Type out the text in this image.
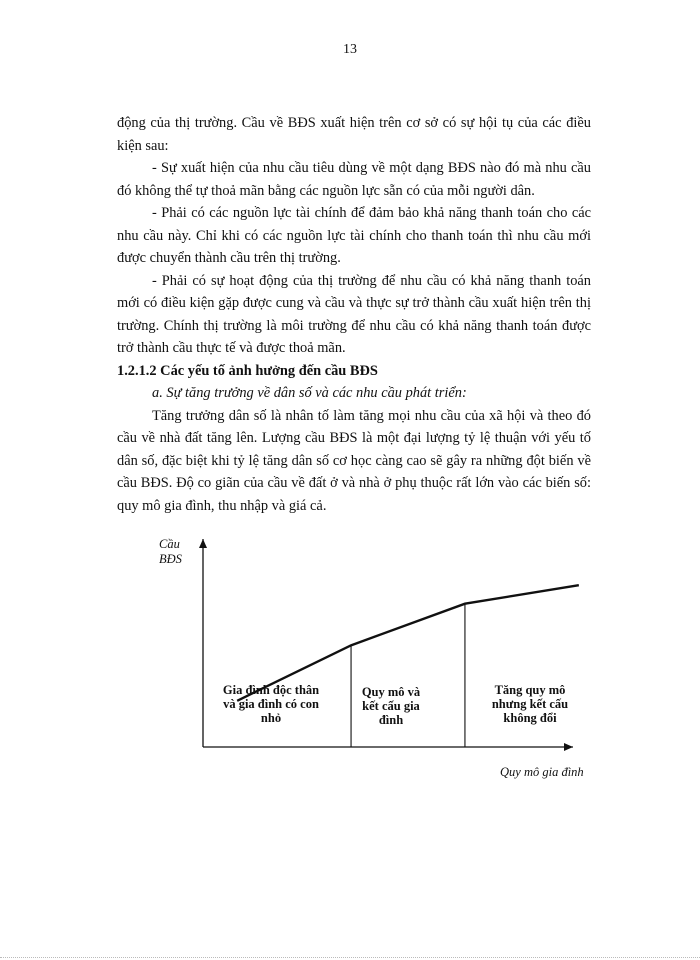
13

động của thị trường. Cầu về BĐS xuất hiện trên cơ sở có sự hội tụ của các điều kiện sau:

- Sự xuất hiện của nhu cầu tiêu dùng về một dạng BĐS nào đó mà nhu cầu đó không thể tự thoả mãn bằng các nguồn lực sẵn có của mỗi người dân.

- Phải có các nguồn lực tài chính để đảm bảo khả năng thanh toán cho các nhu cầu này. Chỉ khi có các nguồn lực tài chính cho thanh toán thì nhu cầu mới được chuyển thành cầu trên thị trường.

- Phải có sự hoạt động của thị trường để nhu cầu có khả năng thanh toán mới có điều kiện gặp được cung và cầu và thực sự trở thành cầu xuất hiện trên thị trường. Chính thị trường là môi trường để nhu cầu có khả năng thanh toán được trở thành cầu thực tế và được thoả mãn.

1.2.1.2 Các yếu tố ảnh hưởng đến cầu BĐS

a. Sự tăng trưởng về dân số và các nhu cầu phát triển:

Tăng trưởng dân số là nhân tố làm tăng mọi nhu cầu của xã hội và theo đó cầu về nhà đất tăng lên. Lượng cầu BĐS là một đại lượng tỷ lệ thuận với yếu tố dân số, đặc biệt khi tỷ lệ tăng dân số cơ học càng cao sẽ gây ra những đột biến về cầu BĐS. Độ co giãn của cầu về đất ở và nhà ở phụ thuộc rất lớn vào các biến số: quy mô gia đình, thu nhập và giá cả.

Cầu
BĐS
Quy mô gia đình
Gia đình độc thân
và gia đình có con
nhỏ
Quy mô và
kết cấu gia
đình
Tăng quy mô
nhưng kết cấu
không đổi
